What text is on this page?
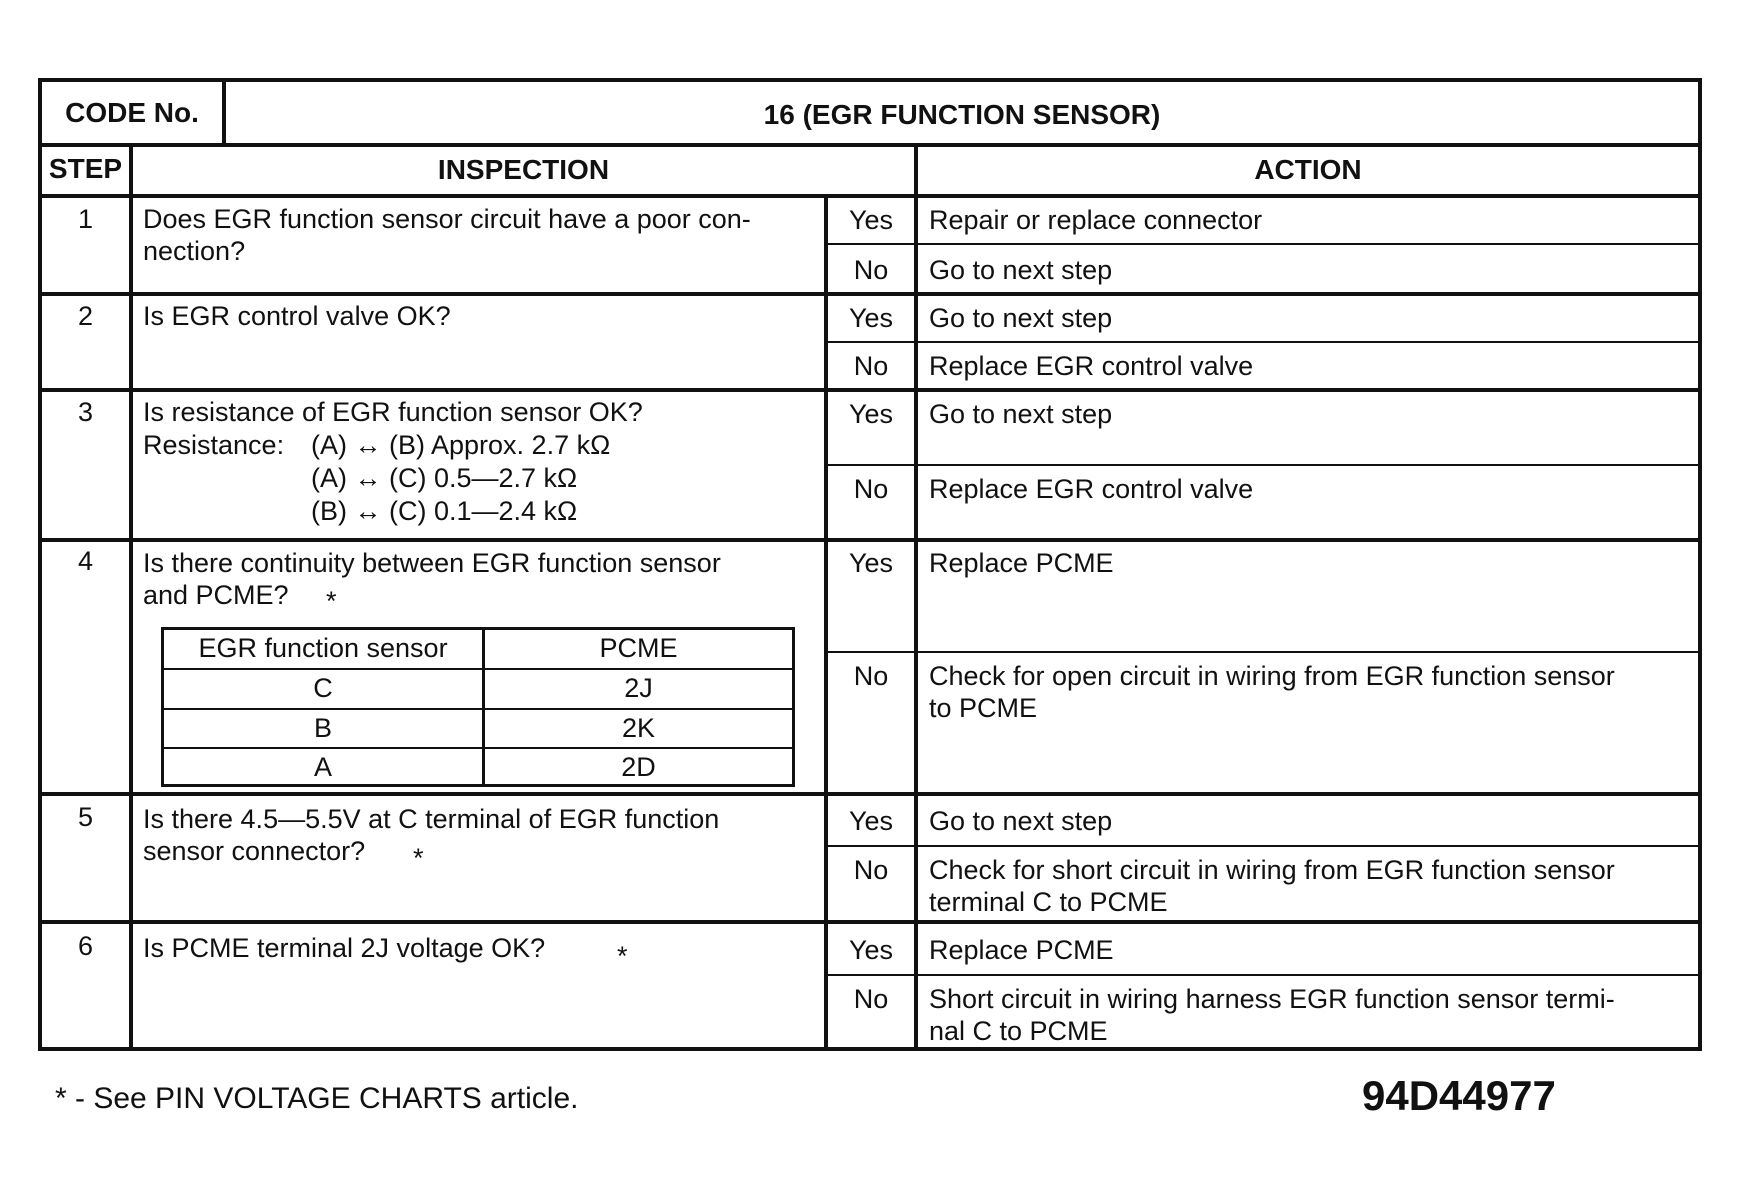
CODE No.	16 (EGR FUNCTION SENSOR)
STEP	INSPECTION	ACTION
1	Does EGR function sensor circuit have a poor con-
nection?
Yes	Repair or replace connector
No	Go to next step
2	Is EGR control valve OK?	Yes	Go to next step
No	Replace EGR control valve
3	Is resistance of EGR function sensor OK?
Resistance: (A) ↔ (B) Approx. 2.7 kΩ
(A) ↔ (C) 0.5—2.7 kΩ
(B) ↔ (C) 0.1—2.4 kΩ
Yes	Go to next step
No	Replace EGR control valve
4	Is there continuity between EGR function sensor
and PCME?	*
EGR function sensor	PCME
C	2J
B	2K
A	2D
Yes	Replace PCME
No	Check for open circuit in wiring from EGR function sensor
to PCME
5	Is there 4.5—5.5V at C terminal of EGR function
sensor connector?	*
Yes	Go to next step
No	Check for short circuit in wiring from EGR function sensor
terminal C to PCME
6	Is PCME terminal 2J voltage OK?	*	Yes	Replace PCME
No	Short circuit in wiring harness EGR function sensor termi-
nal C to PCME
* - See PIN VOLTAGE CHARTS article.	94D44977
